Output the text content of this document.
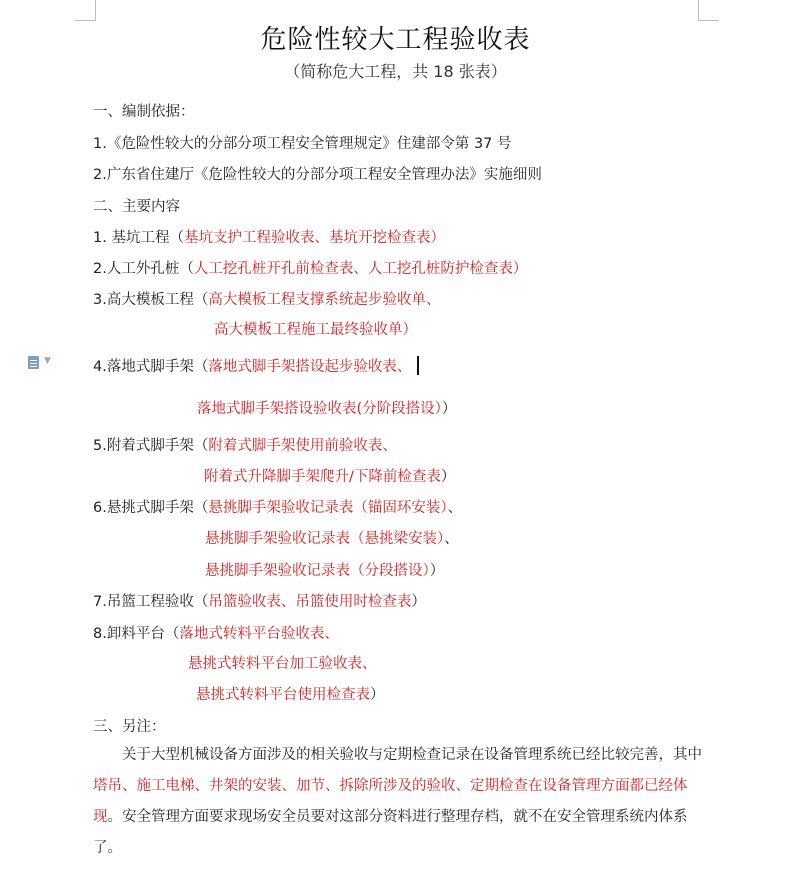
危险性较大工程验收表
（简称危大工程，共 18 张表）
一、编制依据：
1.《危险性较大的分部分项工程安全管理规定》住建部令第 37 号
2.广东省住建厅《危险性较大的分部分项工程安全管理办法》实施细则
二、主要内容
1. 基坑工程（基坑支护工程验收表、基坑开挖检查表）
2.人工外孔桩（人工挖孔桩开孔前检查表、人工挖孔桩防护检查表）
3.高大模板工程（高大模板工程支撑系统起步验收单、
高大模板工程施工最终验收单）
▼	4.落地式脚手架（落地式脚手架搭设起步验收表、
落地式脚手架搭设验收表(分阶段搭设））
5.附着式脚手架（附着式脚手架使用前验收表、
附着式升降脚手架爬升/下降前检查表）
6.悬挑式脚手架（悬挑脚手架验收记录表（锚固环安装）、
悬挑脚手架验收记录表（悬挑梁安装）、
悬挑脚手架验收记录表（分段搭设））
7.吊篮工程验收（吊篮验收表、吊篮使用时检查表）
8.卸料平台（落地式转料平台验收表、
悬挑式转料平台加工验收表、
悬挑式转料平台使用检查表）
三、另注：
关于大型机械设备方面涉及的相关验收与定期检查记录在设备管理系统已经比较完善，其中塔吊、施工电梯、井架的安装、加节、拆除所涉及的验收、定期检查在设备管理方面都已经体现。安全管理方面要求现场安全员要对这部分资料进行整理存档，就不在安全管理系统内体系了。
